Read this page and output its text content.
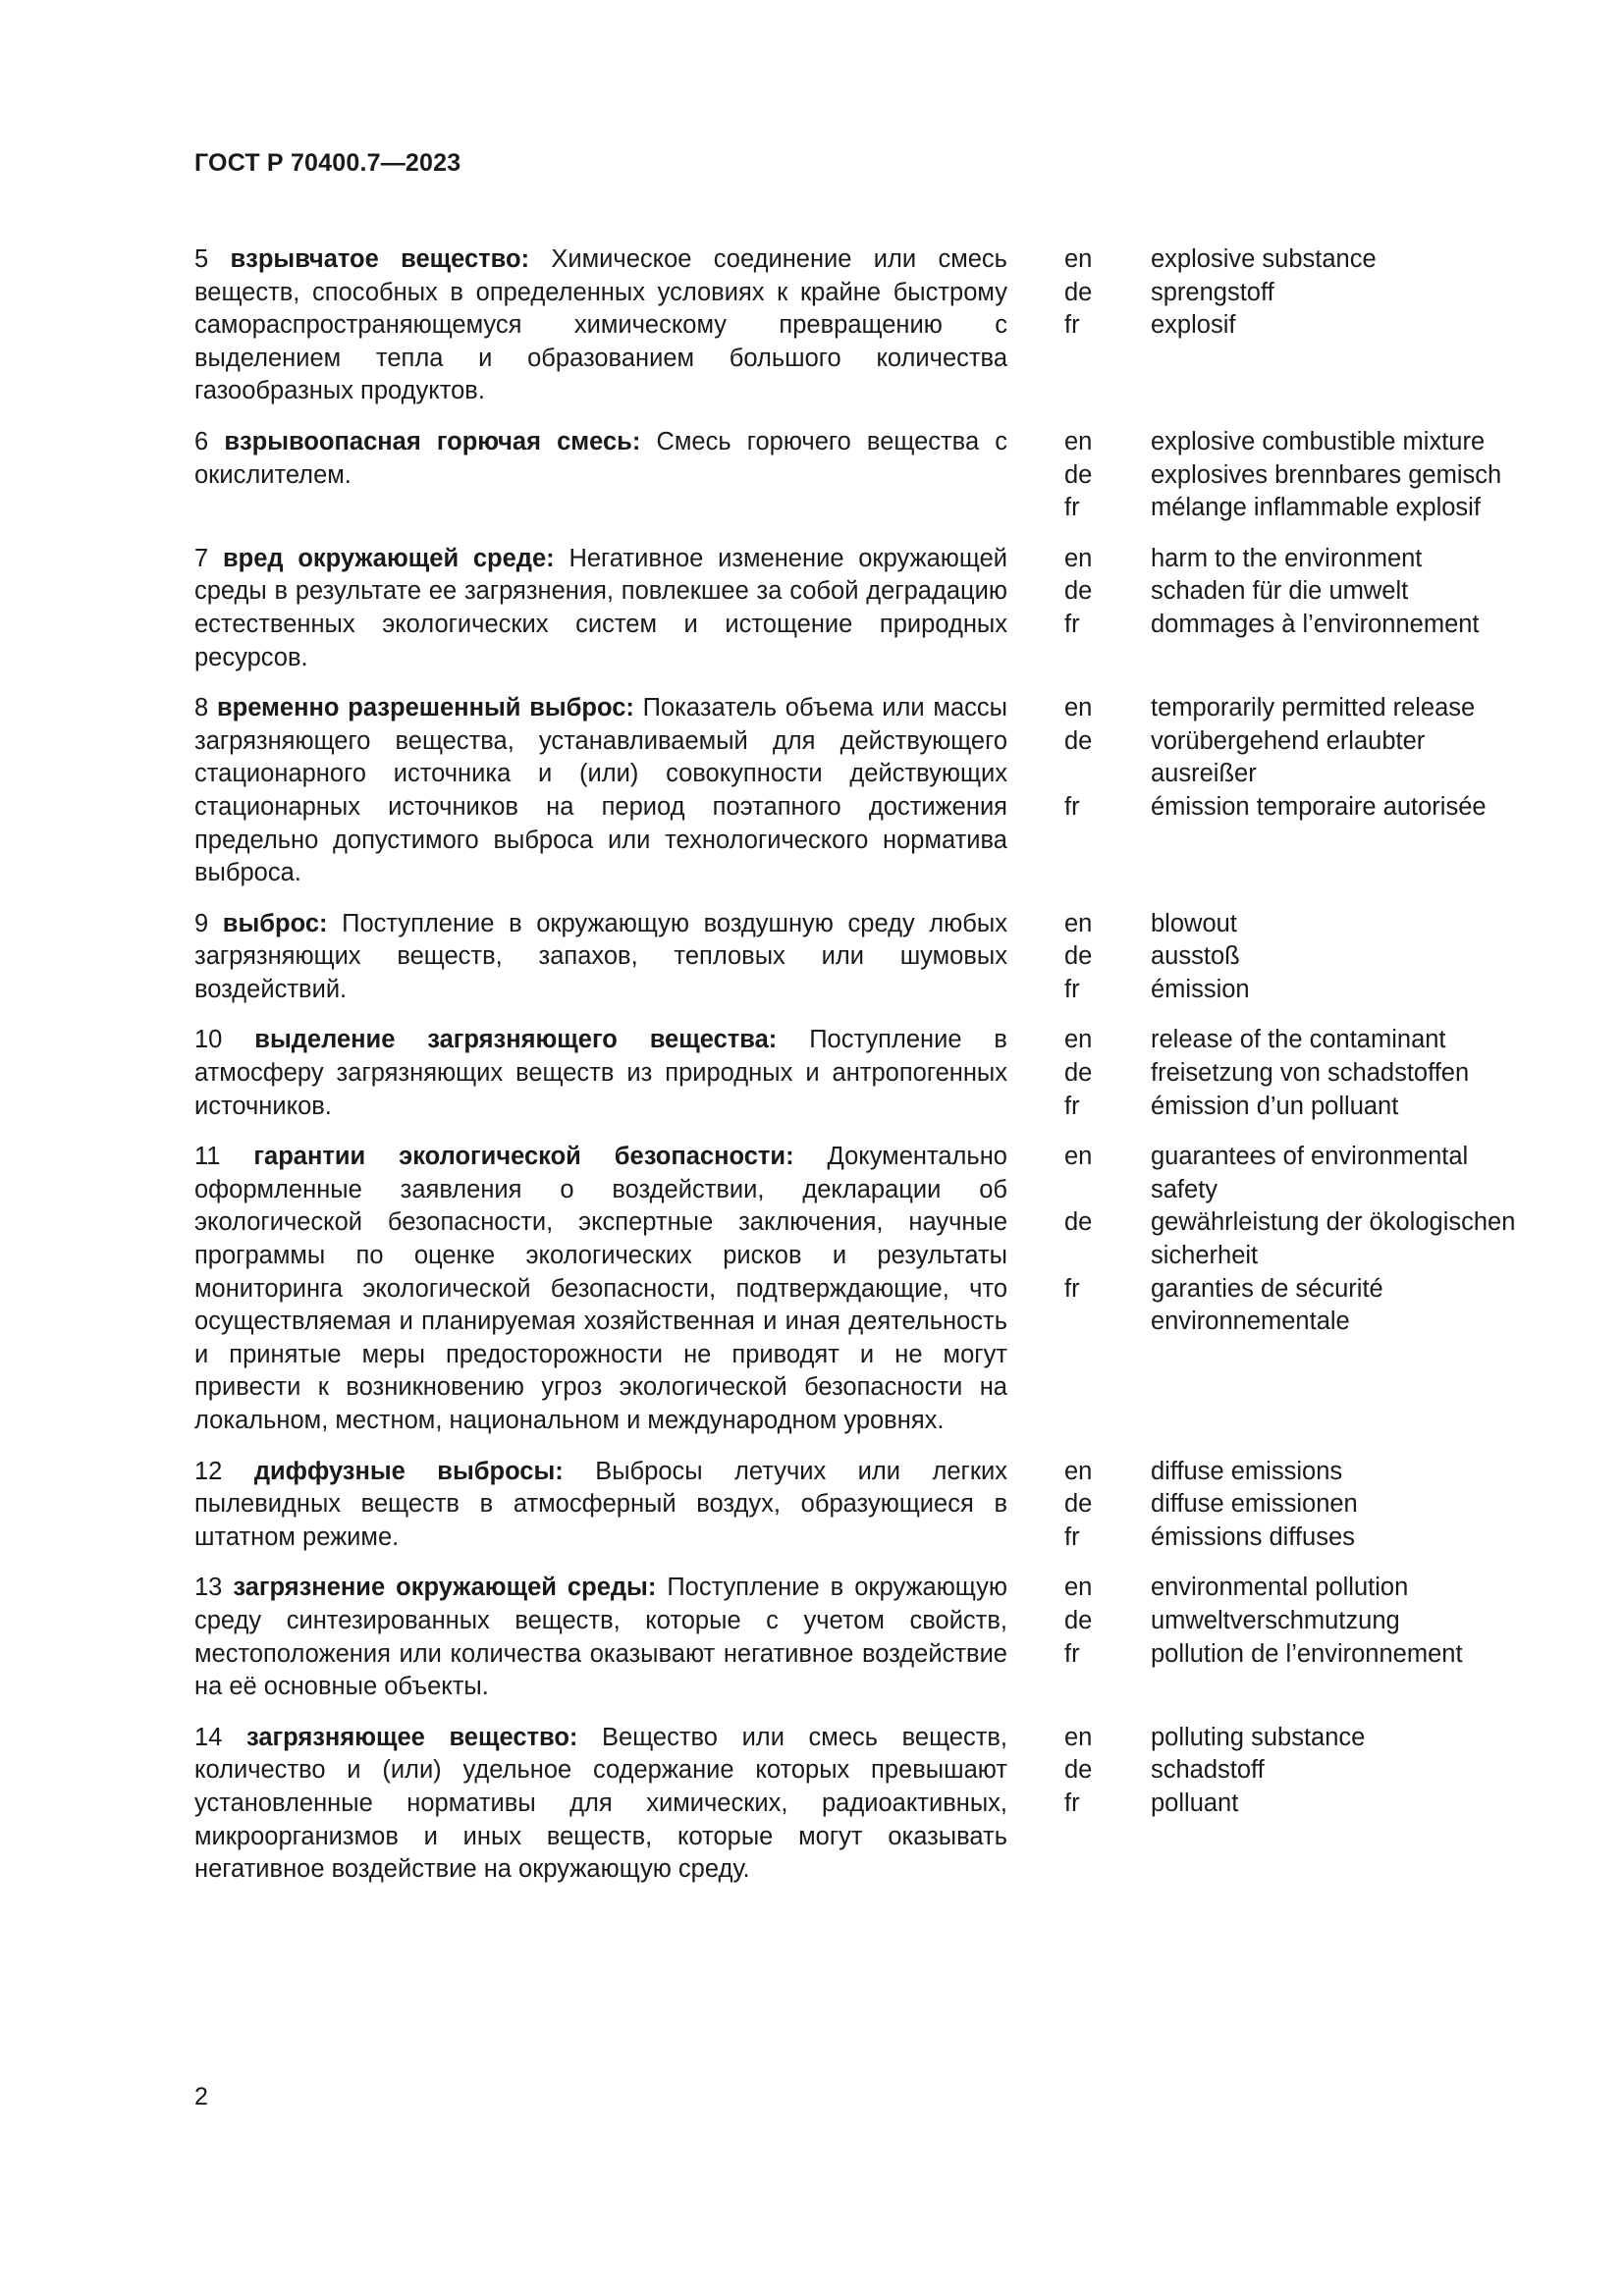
ГОСТ Р 70400.7—2023
5 взрывчатое вещество: Химическое соединение или смесь веществ, способных в определенных условиях к крайне быстрому самораспространяющемуся химическому превращению с выделением тепла и образованием большого количества газообразных продуктов.
en	explosive substance
de	sprengstoff
fr	explosif
6 взрывоопасная горючая смесь: Смесь горючего вещества с окислителем.
en	explosive combustible mixture
de	explosives brennbares gemisch
fr	mélange inflammable explosif
7 вред окружающей среде: Негативное изменение окружающей среды в результате ее загрязнения, повлекшее за собой деградацию естественных экологических систем и истощение природных ресурсов.
en	harm to the environment
de	schaden für die umwelt
fr	dommages à l’environnement
8 временно разрешенный выброс: Показатель объема или массы загрязняющего вещества, устанавливаемый для действующего стационарного источника и (или) совокупности действующих стационарных источников на период поэтапного достижения предельно допустимого выброса или технологического норматива выброса.
en	temporarily permitted release
de	vorübergehend erlaubter ausreißer
fr	émission temporaire autorisée
9 выброс: Поступление в окружающую воздушную среду любых загрязняющих веществ, запахов, тепловых или шумовых воздействий.
en	blowout
de	ausstoß
fr	émission
10 выделение загрязняющего вещества: Поступление в атмосферу загрязняющих веществ из природных и антропогенных источников.
en	release of the contaminant
de	freisetzung von schadstoffen
fr	émission d’un polluant
11 гарантии экологической безопасности: Документально оформленные заявления о воздействии, декларации об экологической безопасности, экспертные заключения, научные программы по оценке экологических рисков и результаты мониторинга экологической безопасности, подтверждающие, что осуществляемая и планируемая хозяйственная и иная деятельность и принятые меры предосторожности не приводят и не могут привести к возникновению угроз экологической безопасности на локальном, местном, национальном и международном уровнях.
en	guarantees of environmental safety
de	gewährleistung der ökologischen sicherheit
fr	garanties de sécurité environnementale
12 диффузные выбросы: Выбросы летучих или легких пылевидных веществ в атмосферный воздух, образующиеся в штатном режиме.
en	diffuse emissions
de	diffuse emissionen
fr	émissions diffuses
13 загрязнение окружающей среды: Поступление в окружающую среду синтезированных веществ, которые с учетом свойств, местоположения или количества оказывают негативное воздействие на её основные объекты.
en	environmental pollution
de	umweltverschmutzung
fr	pollution de l’environnement
14 загрязняющее вещество: Вещество или смесь веществ, количество и (или) удельное содержание которых превышают установленные нормативы для химических, радиоактивных, микроорганизмов и иных веществ, которые могут оказывать негативное воздействие на окружающую среду.
en	polluting substance
de	schadstoff
fr	polluant
2
